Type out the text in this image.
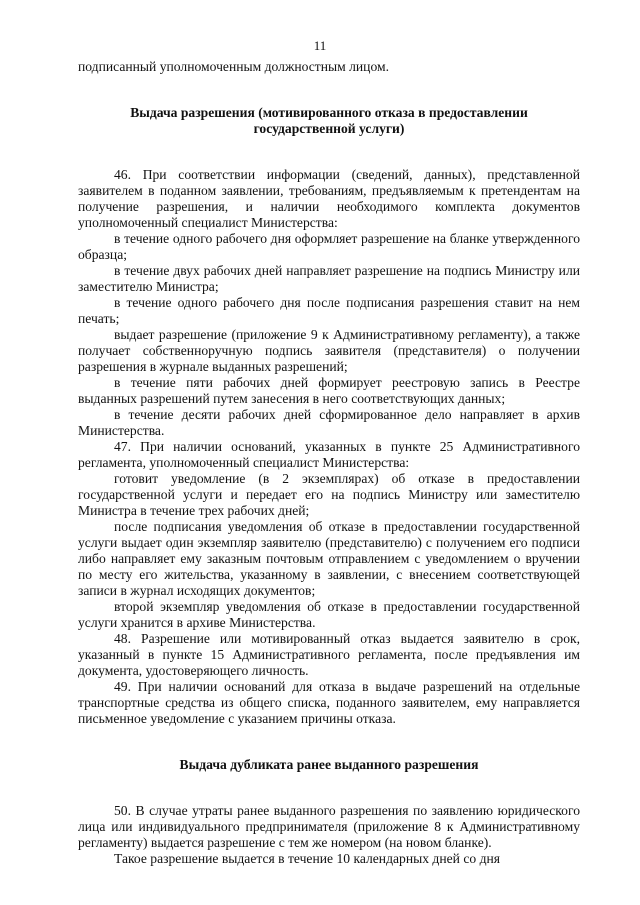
11

подписанный уполномоченным должностным лицом.

Выдача разрешения (мотивированного отказа в предоставлении государственной услуги)

46. При соответствии информации (сведений, данных), представленной заявителем в поданном заявлении, требованиям, предъявляемым к претендентам на получение разрешения, и наличии необходимого комплекта документов уполномоченный специалист Министерства:

в течение одного рабочего дня оформляет разрешение на бланке утвержденного образца;

в течение двух рабочих дней направляет разрешение на подпись Министру или заместителю Министра;

в течение одного рабочего дня после подписания разрешения ставит на нем печать;

выдает разрешение (приложение 9 к Административному регламенту), а также получает собственноручную подпись заявителя (представителя) о получении разрешения в журнале выданных разрешений;

в течение пяти рабочих дней формирует реестровую запись в Реестре выданных разрешений путем занесения в него соответствующих данных;

в течение десяти рабочих дней сформированное дело направляет в архив Министерства.

47. При наличии оснований, указанных в пункте 25 Административного регламента, уполномоченный специалист Министерства:

готовит уведомление (в 2 экземплярах) об отказе в предоставлении государственной услуги и передает его на подпись Министру или заместителю Министра в течение трех рабочих дней;

после подписания уведомления об отказе в предоставлении государственной услуги выдает один экземпляр заявителю (представителю) с получением его подписи либо направляет ему заказным почтовым отправлением с уведомлением о вручении по месту его жительства, указанному в заявлении, с внесением соответствующей записи в журнал исходящих документов;

второй экземпляр уведомления об отказе в предоставлении государственной услуги хранится в архиве Министерства.

48. Разрешение или мотивированный отказ выдается заявителю в срок, указанный в пункте 15 Административного регламента, после предъявления им документа, удостоверяющего личность.

49. При наличии оснований для отказа в выдаче разрешений на отдельные транспортные средства из общего списка, поданного заявителем, ему направляется письменное уведомление с указанием причины отказа.

Выдача дубликата ранее выданного разрешения

50. В случае утраты ранее выданного разрешения по заявлению юридического лица или индивидуального предпринимателя (приложение 8 к Административному регламенту) выдается разрешение с тем же номером (на новом бланке).

Такое разрешение выдается в течение 10 календарных дней со дня
